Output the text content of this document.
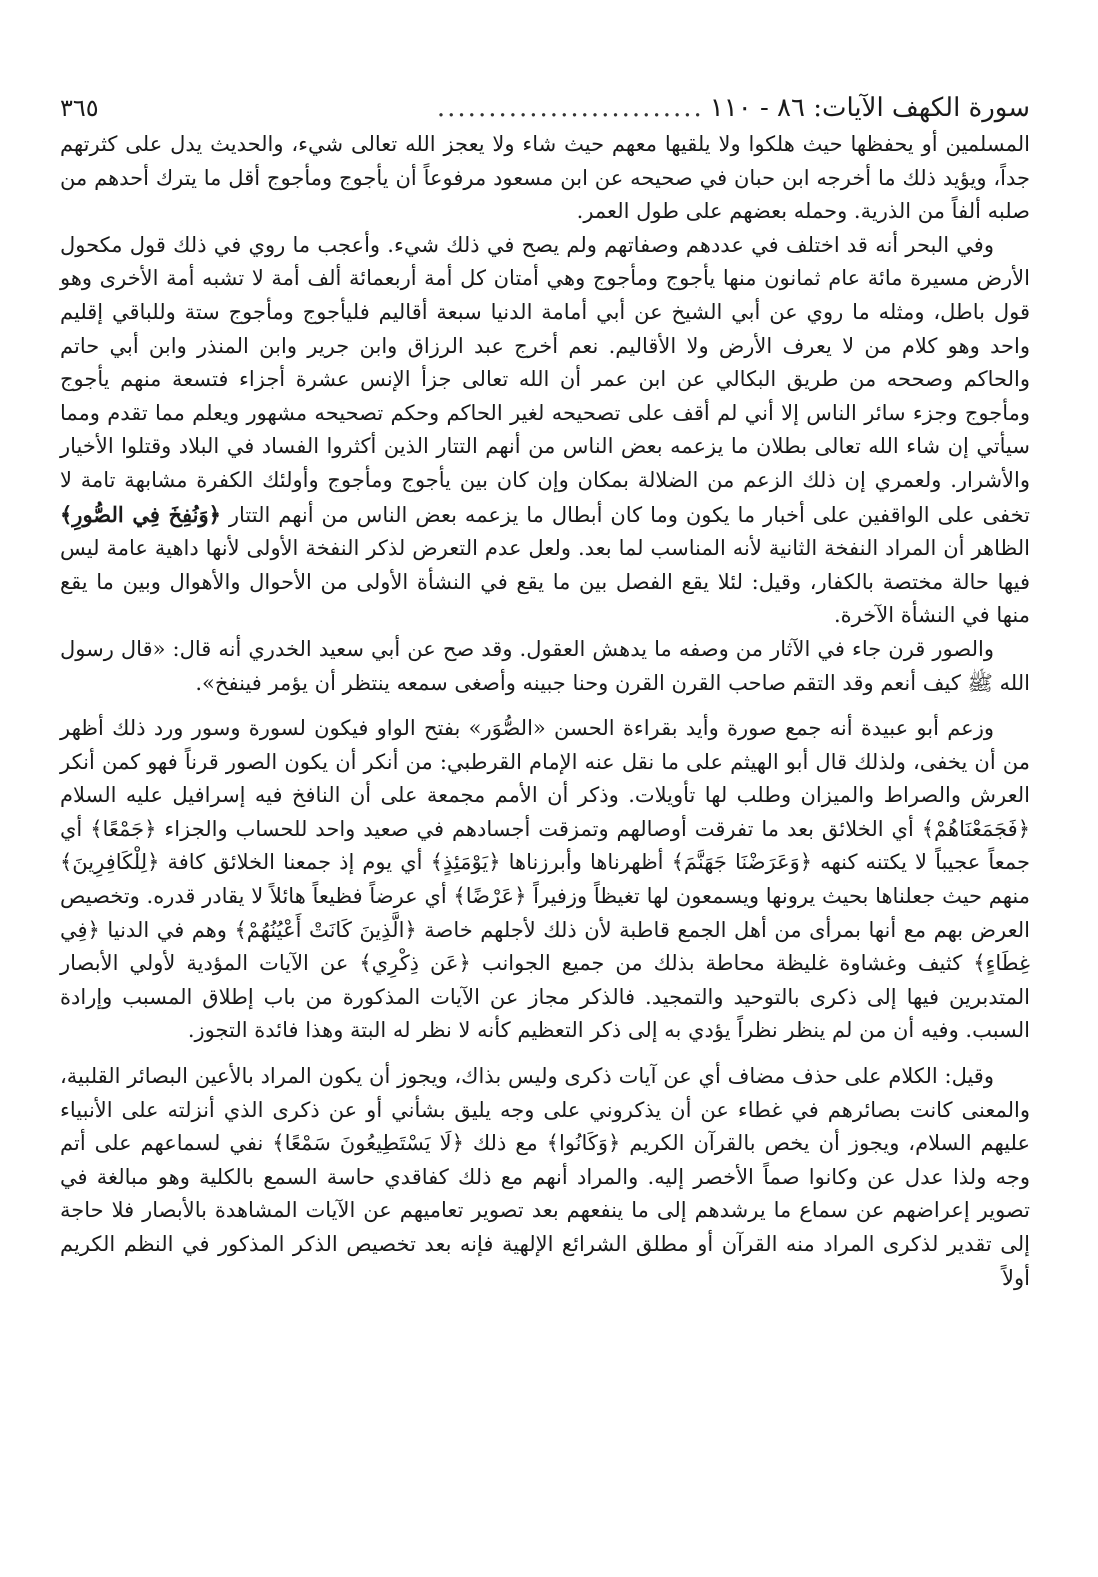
سورة الكهف الآيات: ٨٦ - ١١٠
..........................
٣٦٥

المسلمين أو يحفظها حيث هلكوا ولا يلقيها معهم حيث شاء ولا يعجز الله تعالى شيء، والحديث يدل على كثرتهم جداً، ويؤيد ذلك ما أخرجه ابن حبان في صحيحه عن ابن مسعود مرفوعاً أن يأجوج ومأجوج أقل ما يترك أحدهم من صلبه ألفاً من الذرية. وحمله بعضهم على طول العمر.

وفي البحر أنه قد اختلف في عددهم وصفاتهم ولم يصح في ذلك شيء. وأعجب ما روي في ذلك قول مكحول الأرض مسيرة مائة عام ثمانون منها يأجوج ومأجوج وهي أمتان كل أمة أربعمائة ألف أمة لا تشبه أمة الأخرى وهو قول باطل، ومثله ما روي عن أبي الشيخ عن أبي أمامة الدنيا سبعة أقاليم فليأجوج ومأجوج ستة وللباقي إقليم واحد وهو كلام من لا يعرف الأرض ولا الأقاليم. نعم أخرج عبد الرزاق وابن جرير وابن المنذر وابن أبي حاتم والحاكم وصححه من طريق البكالي عن ابن عمر أن الله تعالى جزأ الإنس عشرة أجزاء فتسعة منهم يأجوج ومأجوج وجزء سائر الناس إلا أني لم أقف على تصحيحه لغير الحاكم وحكم تصحيحه مشهور ويعلم مما تقدم ومما سيأتي إن شاء الله تعالى بطلان ما يزعمه بعض الناس من أنهم التتار الذين أكثروا الفساد في البلاد وقتلوا الأخيار والأشرار. ولعمري إن ذلك الزعم من الضلالة بمكان وإن كان بين يأجوج ومأجوج وأولئك الكفرة مشابهة تامة لا تخفى على الواقفين على أخبار ما يكون وما كان أبطال ما يزعمه بعض الناس من أنهم التتار ﴿وَنُفِخَ فِي الصُّورِ﴾ الظاهر أن المراد النفخة الثانية لأنه المناسب لما بعد. ولعل عدم التعرض لذكر النفخة الأولى لأنها داهية عامة ليس فيها حالة مختصة بالكفار، وقيل: لئلا يقع الفصل بين ما يقع في النشأة الأولى من الأحوال والأهوال وبين ما يقع منها في النشأة الآخرة.

والصور قرن جاء في الآثار من وصفه ما يدهش العقول. وقد صح عن أبي سعيد الخدري أنه قال: «قال رسول الله ﷺ كيف أنعم وقد التقم صاحب القرن القرن وحنا جبينه وأصغى سمعه ينتظر أن يؤمر فينفخ».

وزعم أبو عبيدة أنه جمع صورة وأيد بقراءة الحسن «الصُّوَر» بفتح الواو فيكون لسورة وسور ورد ذلك أظهر من أن يخفى، ولذلك قال أبو الهيثم على ما نقل عنه الإمام القرطبي: من أنكر أن يكون الصور قرناً فهو كمن أنكر العرش والصراط والميزان وطلب لها تأويلات. وذكر أن الأمم مجمعة على أن النافخ فيه إسرافيل عليه السلام ﴿فَجَمَعْنَاهُمْ﴾ أي الخلائق بعد ما تفرقت أوصالهم وتمزقت أجسادهم في صعيد واحد للحساب والجزاء ﴿جَمْعًا﴾ أي جمعاً عجيباً لا يكتنه كنهه ﴿وَعَرَضْنَا جَهَنَّمَ﴾ أظهرناها وأبرزناها ﴿يَوْمَئِذٍ﴾ أي يوم إذ جمعنا الخلائق كافة ﴿لِلْكَافِرِينَ﴾ منهم حيث جعلناها بحيث يرونها ويسمعون لها تغيظاً وزفيراً ﴿عَرْضًا﴾ أي عرضاً فظيعاً هائلاً لا يقادر قدره. وتخصيص العرض بهم مع أنها بمرأى من أهل الجمع قاطبة لأن ذلك لأجلهم خاصة ﴿الَّذِينَ كَانَتْ أَعْيُنُهُمْ﴾ وهم في الدنيا ﴿فِي غِطَاءٍ﴾ كثيف وغشاوة غليظة محاطة بذلك من جميع الجوانب ﴿عَن ذِكْرِي﴾ عن الآيات المؤدية لأولي الأبصار المتدبرين فيها إلى ذكرى بالتوحيد والتمجيد. فالذكر مجاز عن الآيات المذكورة من باب إطلاق المسبب وإرادة السبب. وفيه أن من لم ينظر نظراً يؤدي به إلى ذكر التعظيم كأنه لا نظر له البتة وهذا فائدة التجوز.

وقيل: الكلام على حذف مضاف أي عن آيات ذكرى وليس بذاك، ويجوز أن يكون المراد بالأعين البصائر القلبية، والمعنى كانت بصائرهم في غطاء عن أن يذكروني على وجه يليق بشأني أو عن ذكرى الذي أنزلته على الأنبياء عليهم السلام، ويجوز أن يخص بالقرآن الكريم ﴿وَكَانُوا﴾ مع ذلك ﴿لَا يَسْتَطِيعُونَ سَمْعًا﴾ نفي لسماعهم على أتم وجه ولذا عدل عن وكانوا صماً الأخصر إليه. والمراد أنهم مع ذلك كفاقدي حاسة السمع بالكلية وهو مبالغة في تصوير إعراضهم عن سماع ما يرشدهم إلى ما ينفعهم بعد تصوير تعاميهم عن الآيات المشاهدة بالأبصار فلا حاجة إلى تقدير لذكرى المراد منه القرآن أو مطلق الشرائع الإلهية فإنه بعد تخصيص الذكر المذكور في النظم الكريم أولاً
